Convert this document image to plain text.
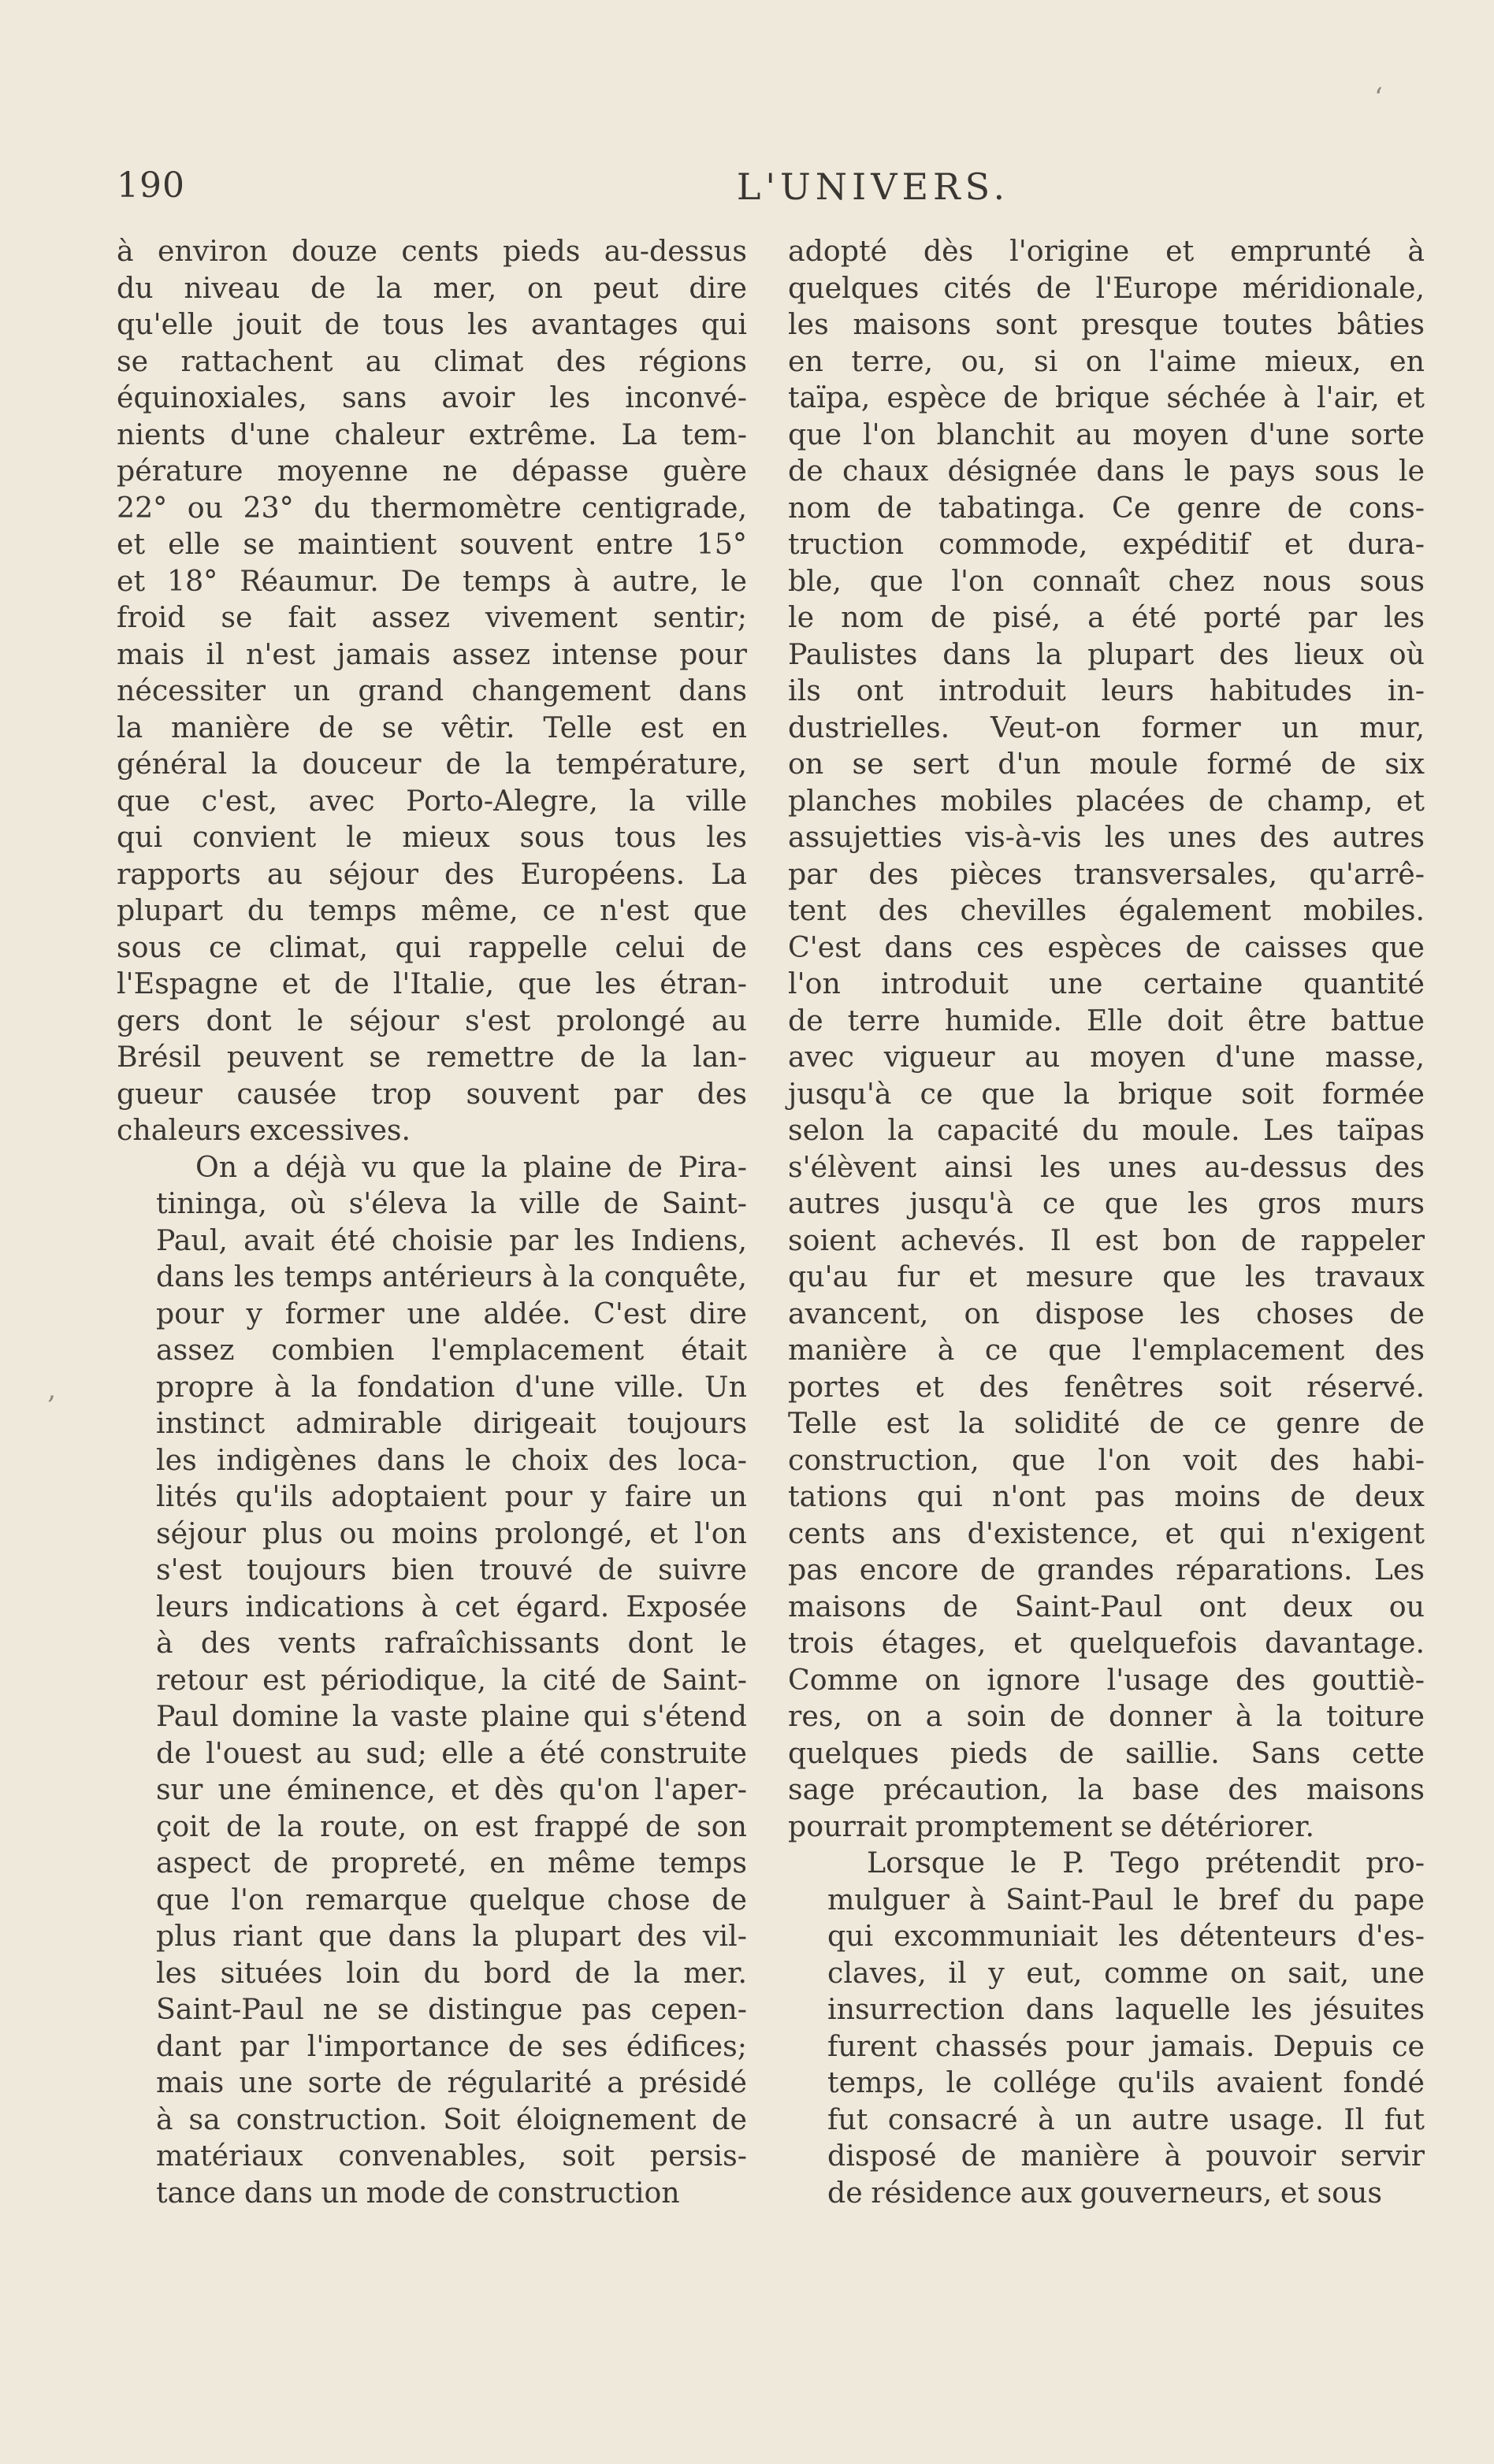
190	L'UNIVERS.
à environ douze cents pieds au-dessus
du niveau de la mer, on peut dire
qu'elle jouit de tous les avantages qui
se rattachent au climat des régions
équinoxiales, sans avoir les inconvé-
nients d'une chaleur extrême. La tem-
pérature moyenne ne dépasse guère
22° ou 23° du thermomètre centigrade,
et elle se maintient souvent entre 15°
et 18° Réaumur. De temps à autre, le
froid se fait assez vivement sentir;
mais il n'est jamais assez intense pour
nécessiter un grand changement dans
la manière de se vêtir. Telle est en
général la douceur de la température,
que c'est, avec Porto-Alegre, la ville
qui convient le mieux sous tous les
rapports au séjour des Européens. La
plupart du temps même, ce n'est que
sous ce climat, qui rappelle celui de
l'Espagne et de l'Italie, que les étran-
gers dont le séjour s'est prolongé au
Brésil peuvent se remettre de la lan-
gueur causée trop souvent par des
chaleurs excessives.
On a déjà vu que la plaine de Pira-
tininga, où s'éleva la ville de Saint-
Paul, avait été choisie par les Indiens,
dans les temps antérieurs à la conquête,
pour y former une aldée. C'est dire
assez combien l'emplacement était
propre à la fondation d'une ville. Un
instinct admirable dirigeait toujours
les indigènes dans le choix des loca-
lités qu'ils adoptaient pour y faire un
séjour plus ou moins prolongé, et l'on
s'est toujours bien trouvé de suivre
leurs indications à cet égard. Exposée
à des vents rafraîchissants dont le
retour est périodique, la cité de Saint-
Paul domine la vaste plaine qui s'étend
de l'ouest au sud; elle a été construite
sur une éminence, et dès qu'on l'aper-
çoit de la route, on est frappé de son
aspect de propreté, en même temps
que l'on remarque quelque chose de
plus riant que dans la plupart des vil-
les situées loin du bord de la mer.
Saint-Paul ne se distingue pas cepen-
dant par l'importance de ses édifices;
mais une sorte de régularité a présidé
à sa construction. Soit éloignement de
matériaux convenables, soit persis-
tance dans un mode de construction
adopté dès l'origine et emprunté à
quelques cités de l'Europe méridionale,
les maisons sont presque toutes bâties
en terre, ou, si on l'aime mieux, en
taïpa, espèce de brique séchée à l'air, et
que l'on blanchit au moyen d'une sorte
de chaux désignée dans le pays sous le
nom de tabatinga. Ce genre de cons-
truction commode, expéditif et dura-
ble, que l'on connaît chez nous sous
le nom de pisé, a été porté par les
Paulistes dans la plupart des lieux où
ils ont introduit leurs habitudes in-
dustrielles. Veut-on former un mur,
on se sert d'un moule formé de six
planches mobiles placées de champ, et
assujetties vis-à-vis les unes des autres
par des pièces transversales, qu'arrê-
tent des chevilles également mobiles.
C'est dans ces espèces de caisses que
l'on introduit une certaine quantité
de terre humide. Elle doit être battue
avec vigueur au moyen d'une masse,
jusqu'à ce que la brique soit formée
selon la capacité du moule. Les taïpas
s'élèvent ainsi les unes au-dessus des
autres jusqu'à ce que les gros murs
soient achevés. Il est bon de rappeler
qu'au fur et mesure que les travaux
avancent, on dispose les choses de
manière à ce que l'emplacement des
portes et des fenêtres soit réservé.
Telle est la solidité de ce genre de
construction, que l'on voit des habi-
tations qui n'ont pas moins de deux
cents ans d'existence, et qui n'exigent
pas encore de grandes réparations. Les
maisons de Saint-Paul ont deux ou
trois étages, et quelquefois davantage.
Comme on ignore l'usage des gouttiè-
res, on a soin de donner à la toiture
quelques pieds de saillie. Sans cette
sage précaution, la base des maisons
pourrait promptement se détériorer.
Lorsque le P. Tego prétendit pro-
mulguer à Saint-Paul le bref du pape
qui excommuniait les détenteurs d'es-
claves, il y eut, comme on sait, une
insurrection dans laquelle les jésuites
furent chassés pour jamais. Depuis ce
temps, le collége qu'ils avaient fondé
fut consacré à un autre usage. Il fut
disposé de manière à pouvoir servir
de résidence aux gouverneurs, et sous
‘
‚
